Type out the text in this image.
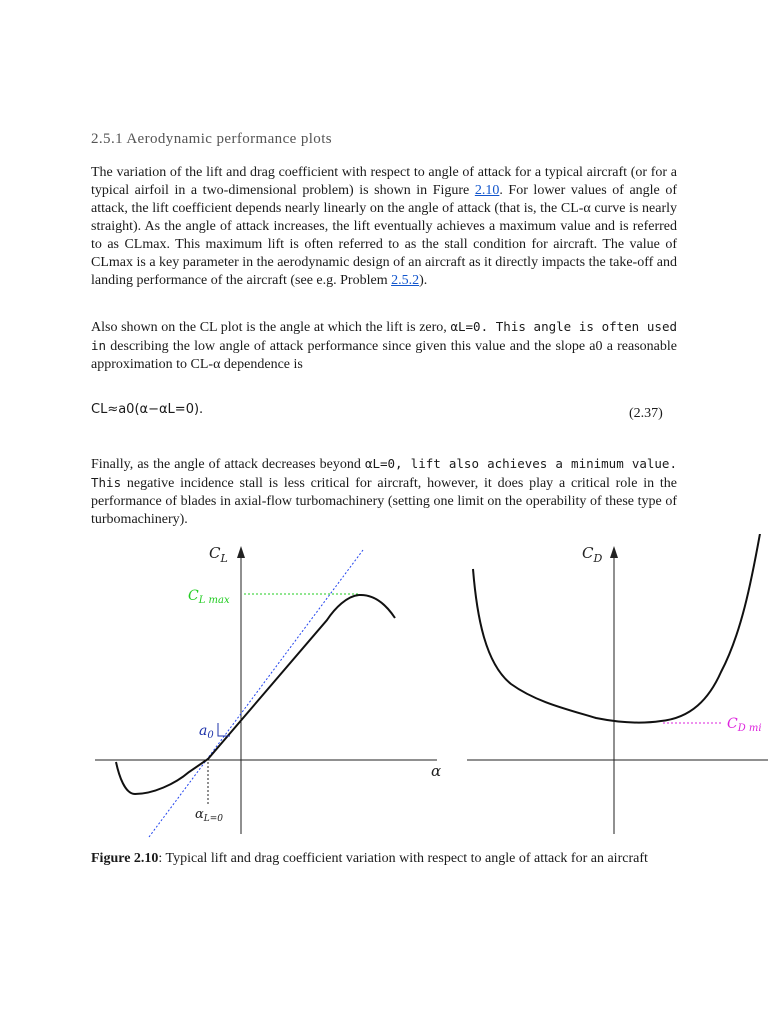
2.5.1 Aerodynamic performance plots

The variation of the lift and drag coefficient with respect to angle of attack for a typical aircraft (or for a typical airfoil in a two-dimensional problem) is shown in Figure 2.10. For lower values of angle of attack, the lift coefficient depends nearly linearly on the angle of attack (that is, the CL-α curve is nearly straight). As the angle of attack increases, the lift eventually achieves a maximum value and is referred to as CLmax. This maximum lift is often referred to as the stall condition for aircraft. The value of CLmax is a key parameter in the aerodynamic design of an aircraft as it directly impacts the take-off and landing performance of the aircraft (see e.g. Problem 2.5.2).

Also shown on the CL plot is the angle at which the lift is zero, αL=0. This angle is often used in describing the low angle of attack performance since given this value and the slope a0 a reasonable approximation to CL-α dependence is

CL≈a0(α−αL=0).	(2.37)

Finally, as the angle of attack decreases beyond αL=0, lift also achieves a minimum value. This negative incidence stall is less critical for aircraft, however, it does play a critical role in the performance of blades in axial-flow turbomachinery (setting one limit on the operability of these type of turbomachinery).

$C_L$
α
$C_{L max}$
$a_0$
$\alpha_{L=0}$
$C_D$
$C_{D mi}$

Figure 2.10: Typical lift and drag coefficient variation with respect to angle of attack for an aircraft
